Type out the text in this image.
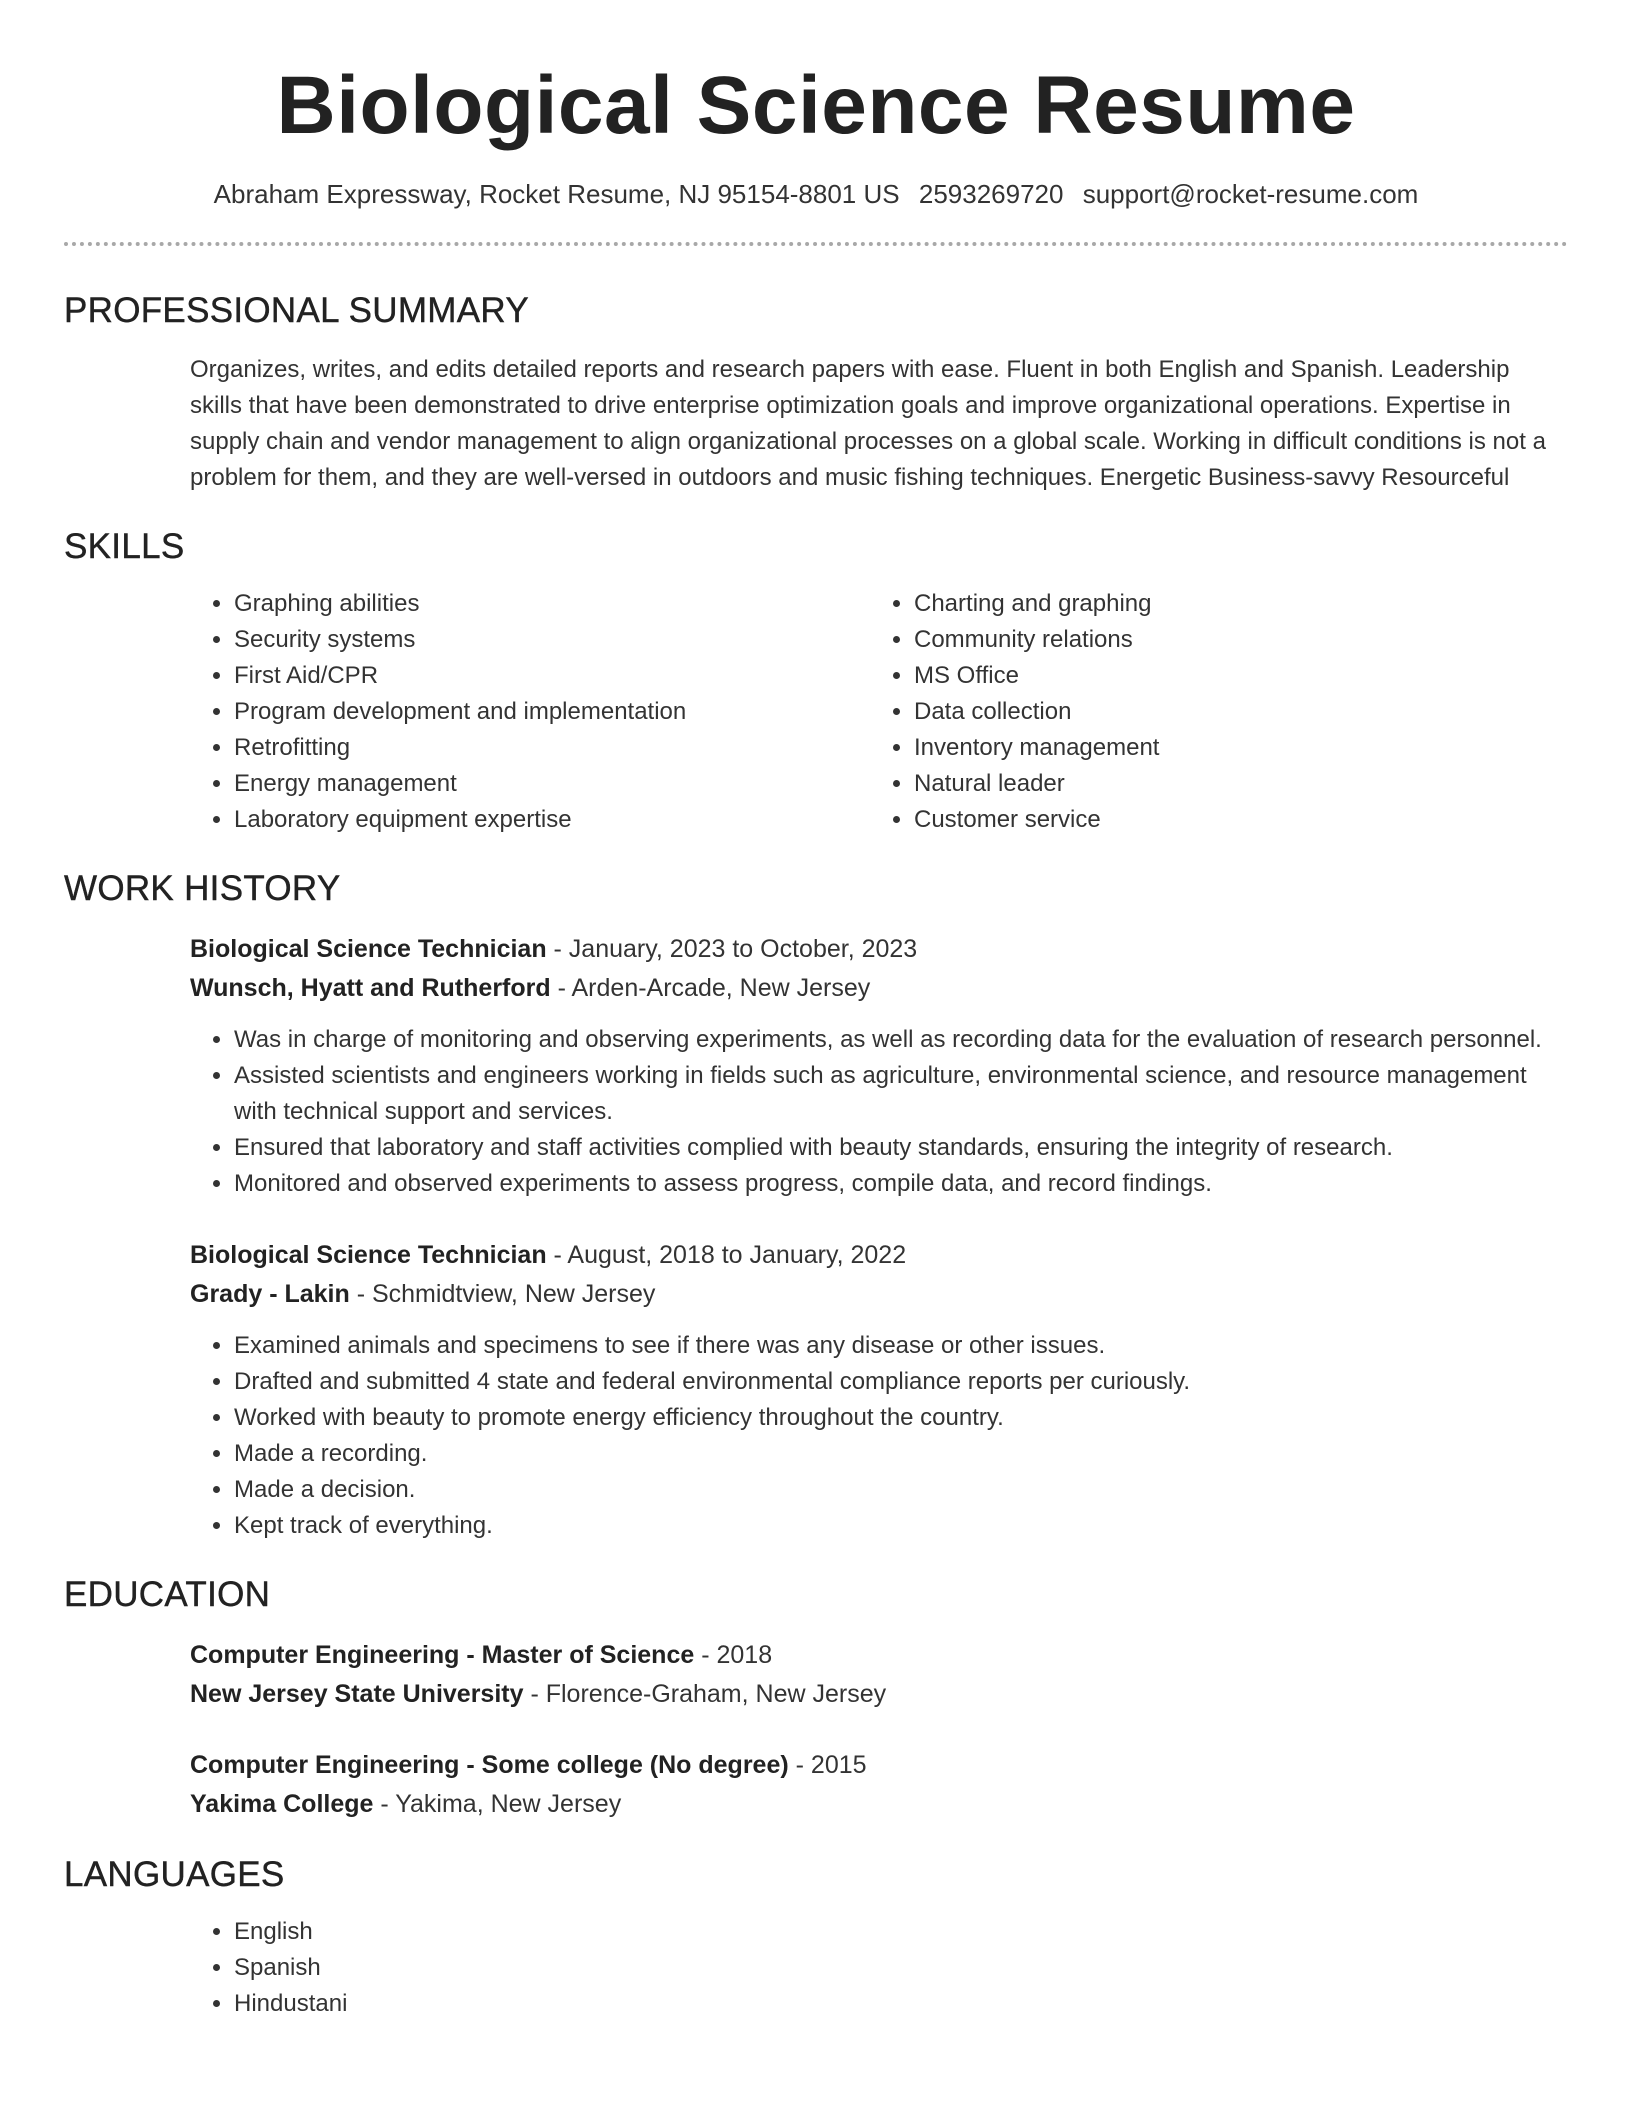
Biological Science Resume
Abraham Expressway, Rocket Resume, NJ 95154-8801 US 2593269720 support@rocket-resume.com
PROFESSIONAL SUMMARY
Organizes, writes, and edits detailed reports and research papers with ease. Fluent in both English and Spanish. Leadership skills that have been demonstrated to drive enterprise optimization goals and improve organizational operations. Expertise in supply chain and vendor management to align organizational processes on a global scale. Working in difficult conditions is not a problem for them, and they are well-versed in outdoors and music fishing techniques. Energetic Business-savvy Resourceful
SKILLS
• Graphing abilities
• Security systems
• First Aid/CPR
• Program development and implementation
• Retrofitting
• Energy management
• Laboratory equipment expertise
• Charting and graphing
• Community relations
• MS Office
• Data collection
• Inventory management
• Natural leader
• Customer service
WORK HISTORY
Biological Science Technician - January, 2023 to October, 2023
Wunsch, Hyatt and Rutherford - Arden-Arcade, New Jersey
• Was in charge of monitoring and observing experiments, as well as recording data for the evaluation of research personnel.
• Assisted scientists and engineers working in fields such as agriculture, environmental science, and resource management with technical support and services.
• Ensured that laboratory and staff activities complied with beauty standards, ensuring the integrity of research.
• Monitored and observed experiments to assess progress, compile data, and record findings.
Biological Science Technician - August, 2018 to January, 2022
Grady - Lakin - Schmidtview, New Jersey
• Examined animals and specimens to see if there was any disease or other issues.
• Drafted and submitted 4 state and federal environmental compliance reports per curiously.
• Worked with beauty to promote energy efficiency throughout the country.
• Made a recording.
• Made a decision.
• Kept track of everything.
EDUCATION
Computer Engineering - Master of Science - 2018
New Jersey State University - Florence-Graham, New Jersey
Computer Engineering - Some college (No degree) - 2015
Yakima College - Yakima, New Jersey
LANGUAGES
• English
• Spanish
• Hindustani
